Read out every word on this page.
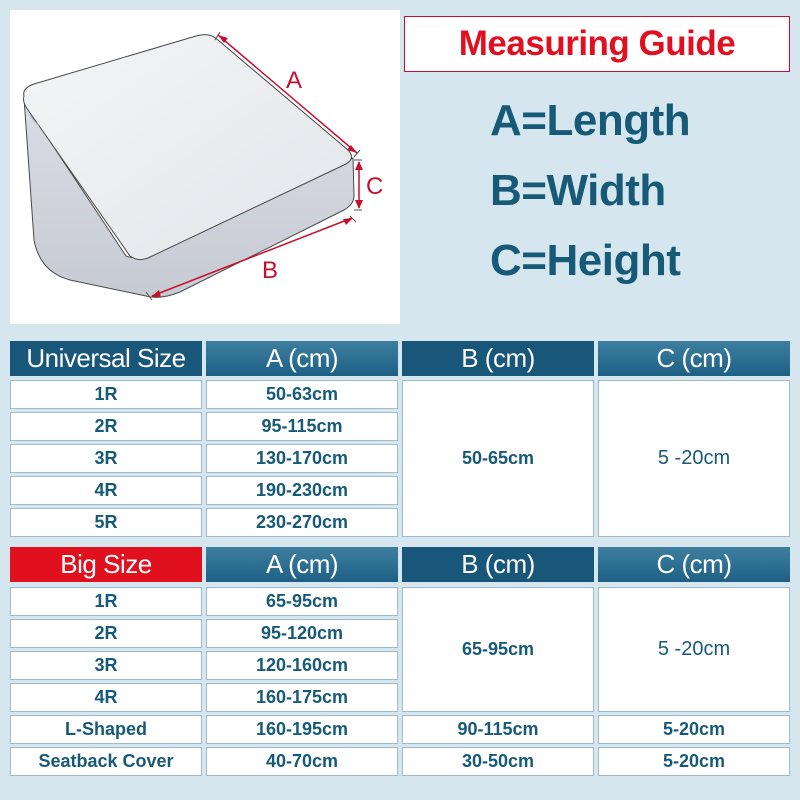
A
C
B
Measuring Guide
A=Length
B=Width
C=Height
Universal Size	A (cm)	B (cm)	C (cm)
1R	50-63cm
2R	95-115cm
3R	130-170cm
4R	190-230cm
5R	230-270cm
50-65cm	5 -20cm
Big Size	A (cm)	B (cm)	C (cm)
1R	65-95cm
2R	95-120cm
3R	120-160cm
4R	160-175cm
65-95cm	5 -20cm
L-Shaped	160-195cm	90-115cm	5-20cm
Seatback Cover	40-70cm	30-50cm	5-20cm
